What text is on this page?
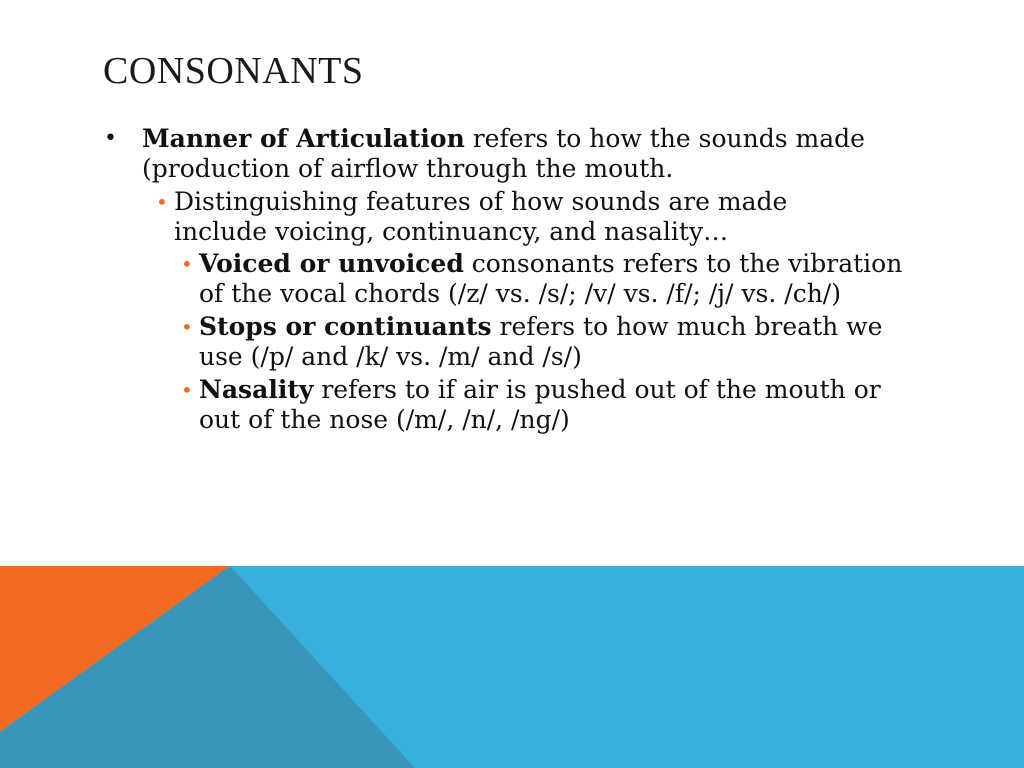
CONSONANTS
• Manner of Articulation refers to how the sounds made (production of airflow through the mouth.
• Distinguishing features of how sounds are made include voicing, continuancy, and nasality…
• Voiced or unvoiced consonants refers to the vibration of the vocal chords (/z/ vs. /s/; /v/ vs. /f/; /j/ vs. /ch/)
• Stops or continuants refers to how much breath we use (/p/ and /k/ vs. /m/ and /s/)
• Nasality refers to if air is pushed out of the mouth or out of the nose (/m/, /n/, /ng/)
